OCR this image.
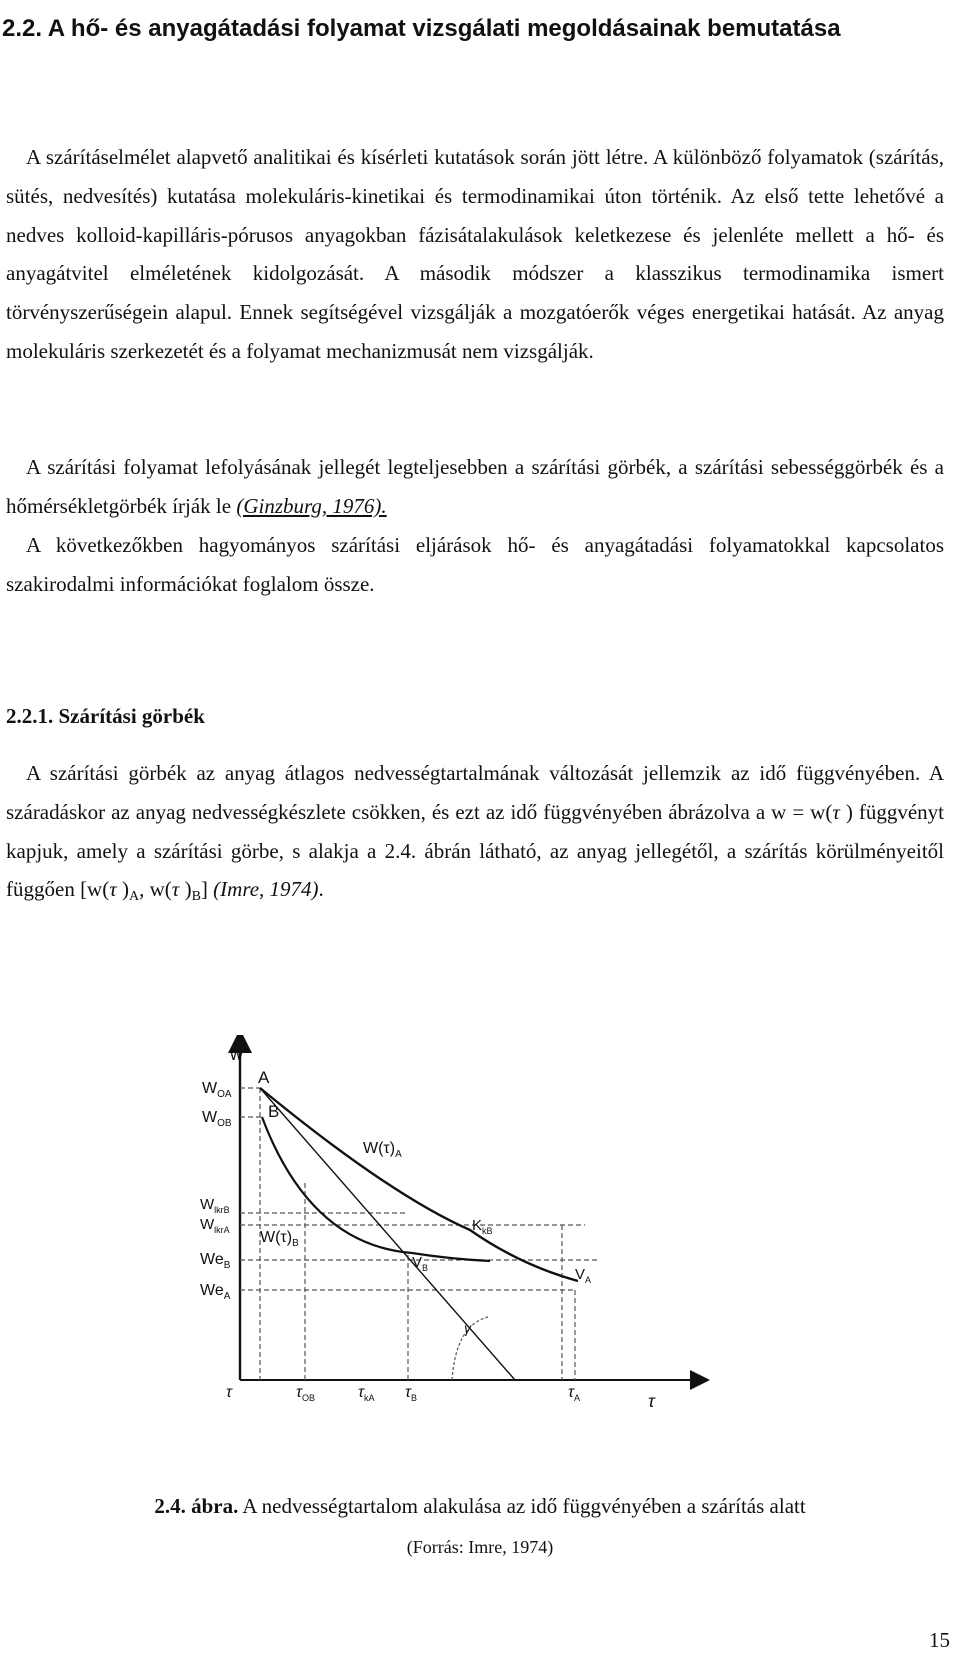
2.2. A hő- és anyagátadási folyamat vizsgálati megoldásainak bemutatása

A szárításelmélet alapvető analitikai és kísérleti kutatások során jött létre. A különböző folyamatok (szárítás, sütés, nedvesítés) kutatása molekuláris-kinetikai és termodinamikai úton történik. Az első tette lehetővé a nedves kolloid-kapilláris-pórusos anyagokban fázisátalakulások keletkezese és jelenléte mellett a hő- és anyagátvitel elméletének kidolgozását. A második módszer a klasszikus termodinamika ismert törvényszerűségein alapul. Ennek segítségével vizsgálják a mozgatóerők véges energetikai hatását. Az anyag molekuláris szerkezetét és a folyamat mechanizmusát nem vizsgálják.

A szárítási folyamat lefolyásának jellegét legteljesebben a szárítási görbék, a szárítási sebességgörbék és a hőmérsékletgörbék írják le (Ginzburg, 1976).

A következőkben hagyományos szárítási eljárások hő- és anyagátadási folyamatokkal kapcsolatos szakirodalmi információkat foglalom össze.

2.2.1. Szárítási görbék

A szárítási görbék az anyag átlagos nedvességtartalmának változását jellemzik az idő függvényében. A száradáskor az anyag nedvességkészlete csökken, és ezt az idő függvényében ábrázolva a w = w(τ ) függvényt kapjuk, amely a szárítási görbe, s alakja a 2.4. ábrán látható, az anyag jellegétől, a szárítás körülményeitől függően [w(τ )$_A$, w(τ )$_B$] (Imre, 1974).

w
τ
$W_{OA}$
$W_{OB}$
$W_{lkrB}$
$W_{lkrA}$
$We_B$
$We_A$
A
B
$W(\tau)_A$
$W(\tau)_B$
$K_{kB}$
$V_B$	$V_A$
γ
τ	$\tau_{OB}$	$\tau_{kA}$ $\tau_B$	$\tau_A$

2.4. ábra. A nedvességtartalom alakulása az idő függvényében a szárítás alatt

(Forrás: Imre, 1974)

15
